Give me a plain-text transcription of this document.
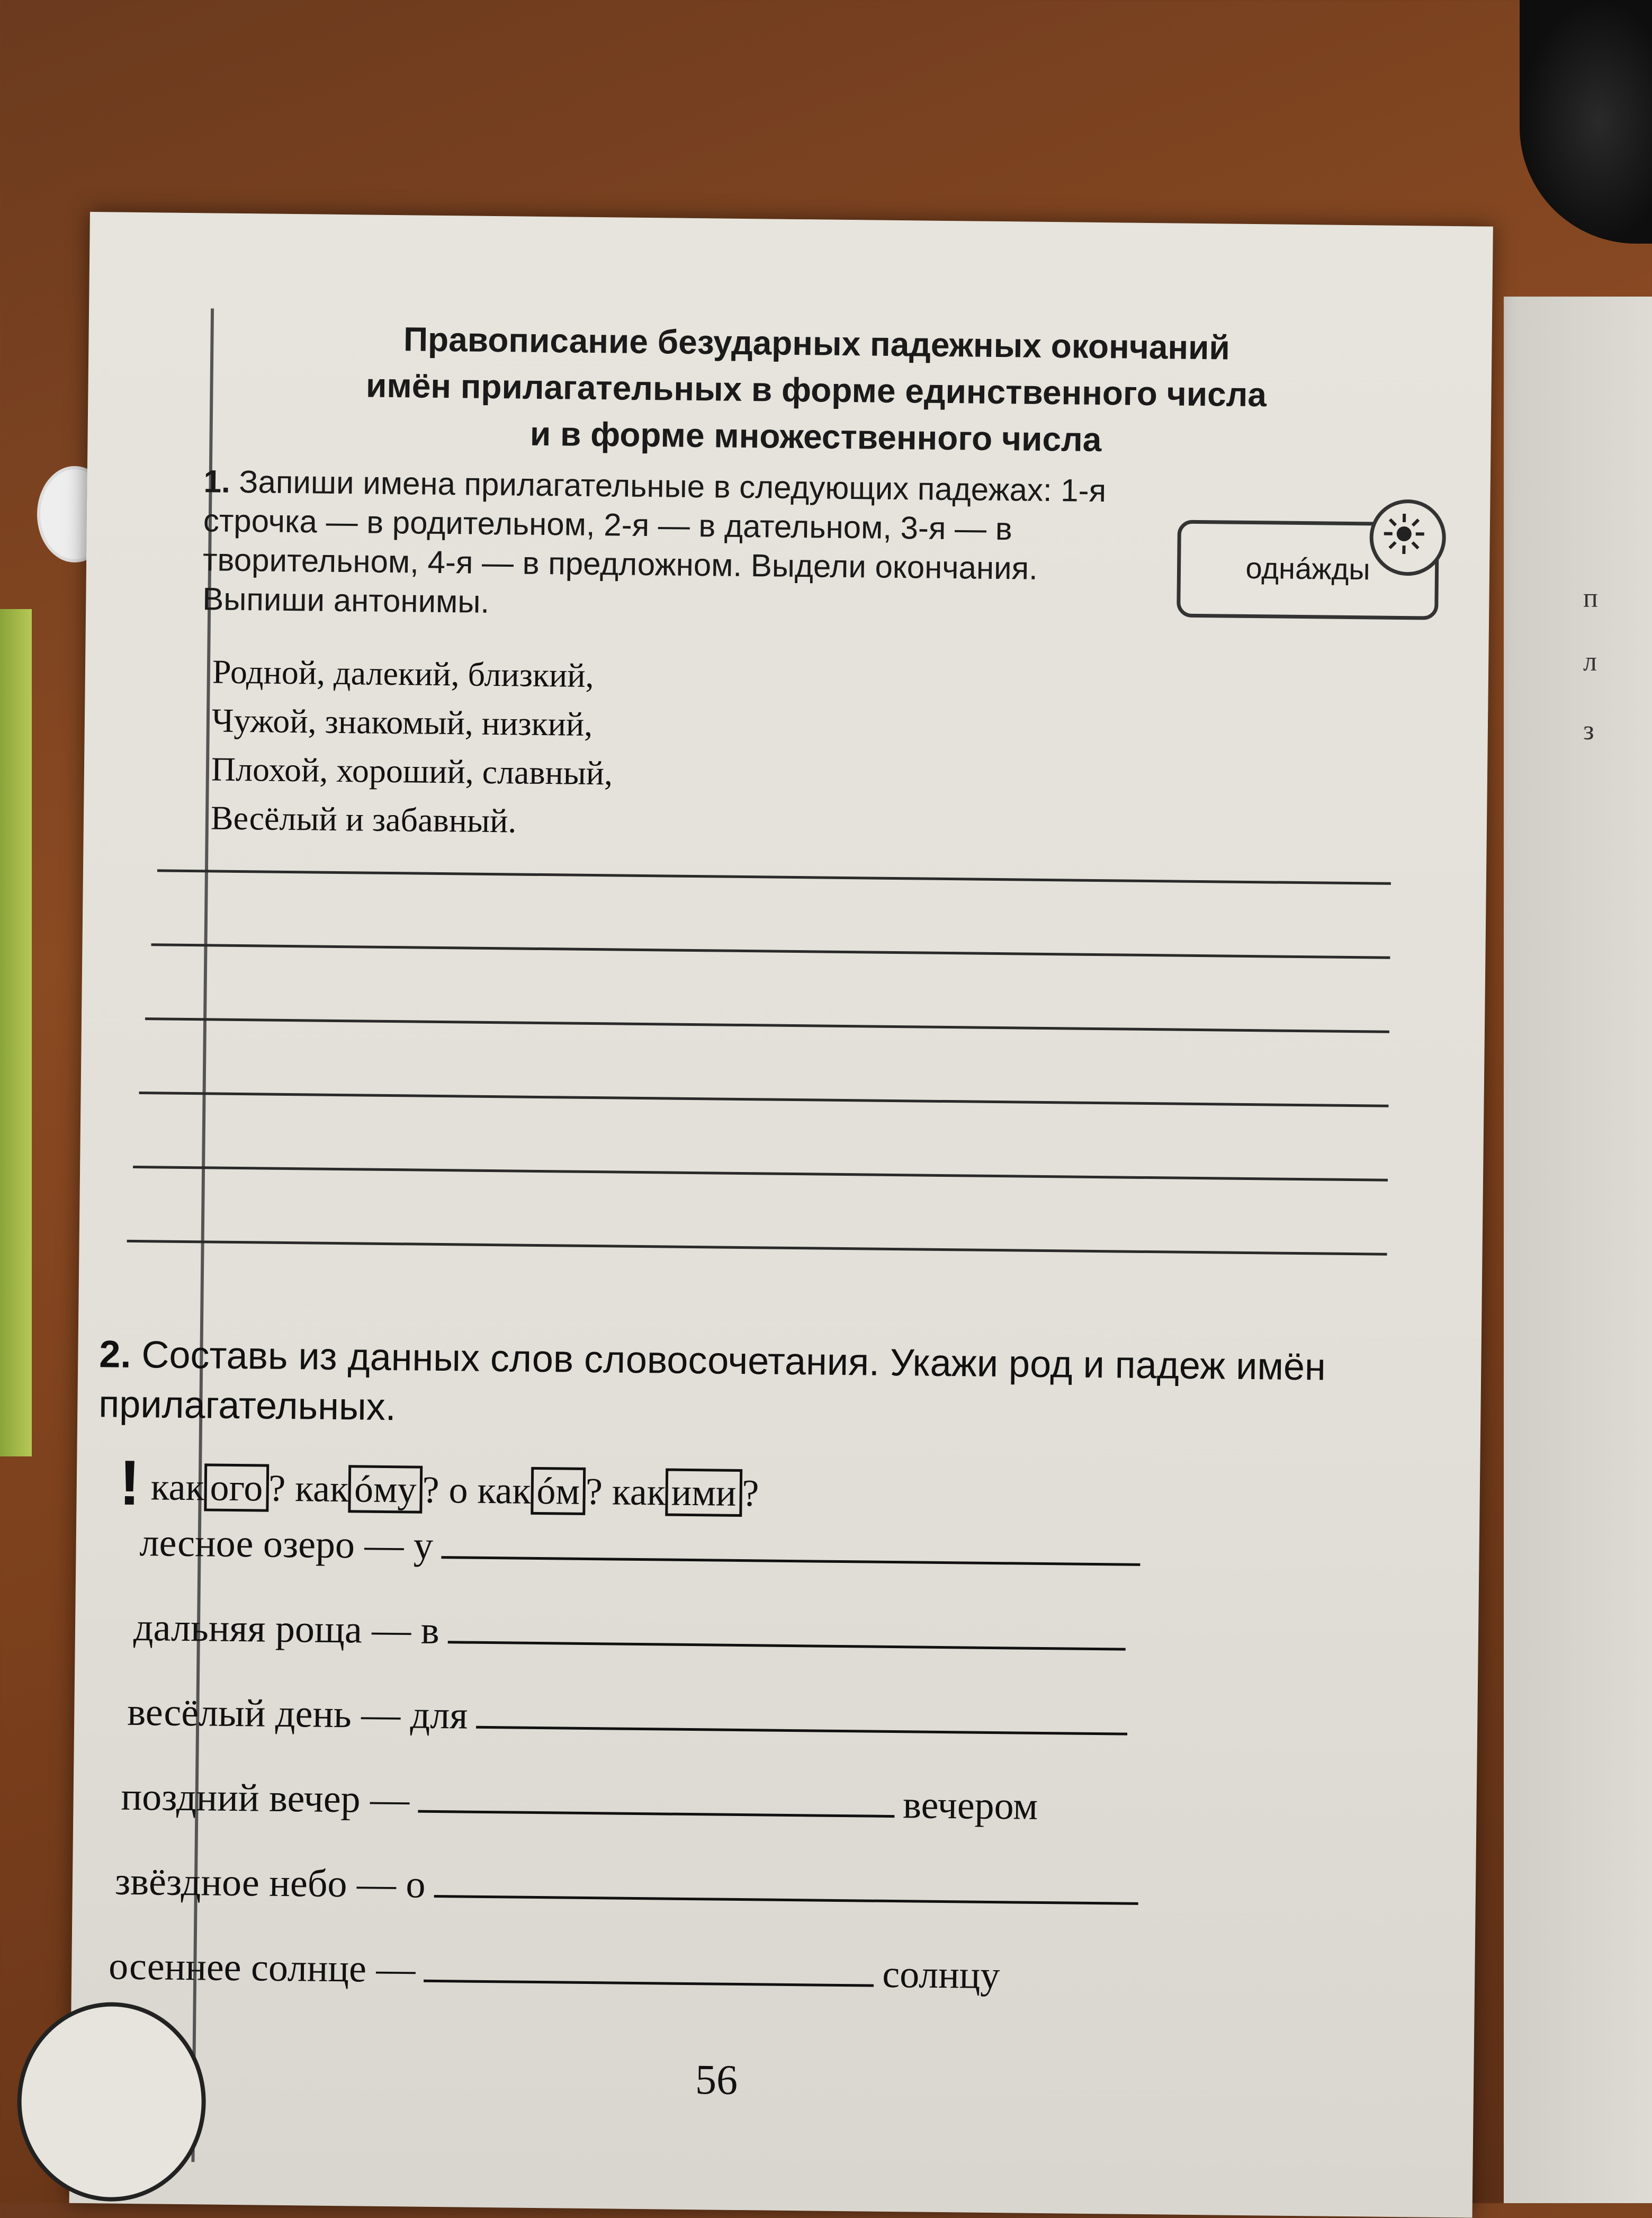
п
л
з
Правописание безударных падежных окончаний
имён прилагательных в форме единственного числа
и в форме множественного числа
1. Запиши имена прилагательные в следующих падежах: 1-я строчка — в родительном, 2-я — в дательном, 3-я — в творительном, 4-я — в предложном. Выдели окончания. Выпиши антонимы.
однáжды
Родной, далекий, близкий,
Чужой, знакомый, низкий,
Плохой, хороший, славный,
Весёлый и забавный.
2. Составь из данных слов словосочетания. Укажи род и падеж имён прилагательных.
! как ого ? как óму ? о как óм ? как ими ?
лесное озеро — у
дальняя роща — в
весёлый день — для
поздний вечер —	вечером
звёздное небо — о
осеннее солнце —	солнцу
56
